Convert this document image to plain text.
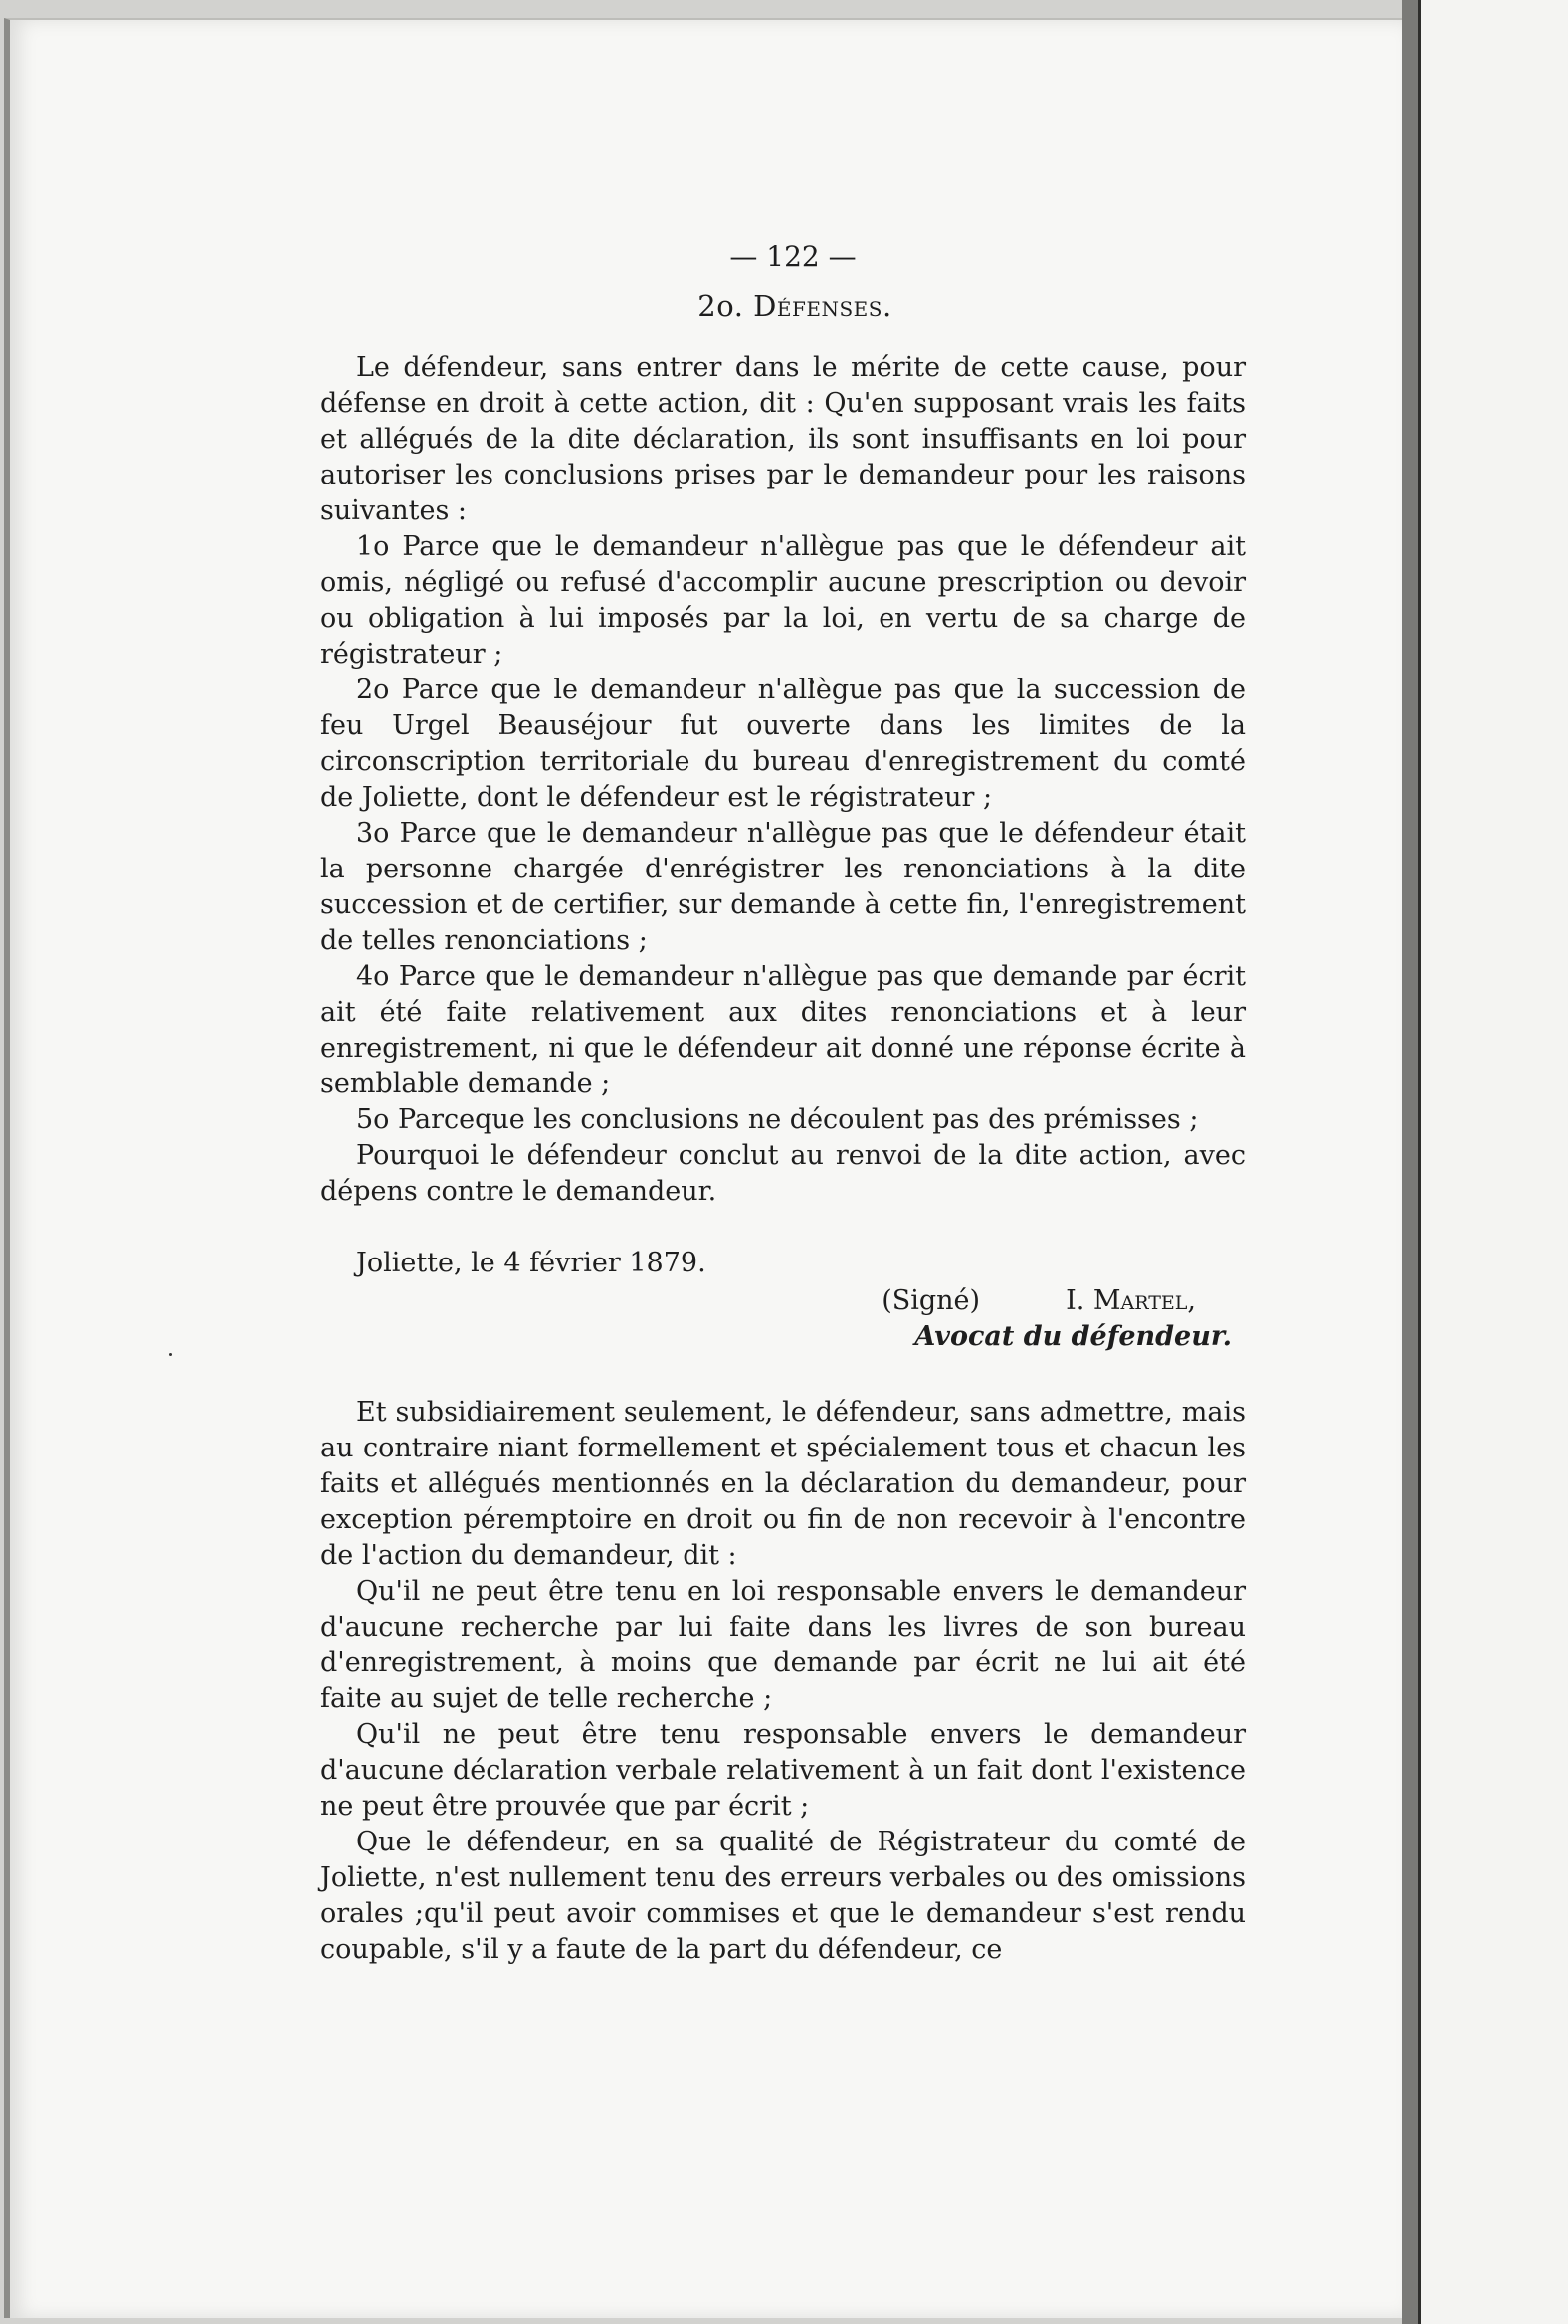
— 122 —
2o. Défenses.

Le défendeur, sans entrer dans le mérite de cette cause, pour défense en droit à cette action, dit : Qu'en supposant vrais les faits et allégués de la dite déclaration, ils sont insuffisants en loi pour autoriser les conclusions prises par le demandeur pour les raisons suivantes :

1o Parce que le demandeur n'allègue pas que le défendeur ait omis, négligé ou refusé d'accomplir aucune prescription ou devoir ou obligation à lui imposés par la loi, en vertu de sa charge de régistrateur ;

2o Parce que le demandeur n'allègue pas que la succession de feu Urgel Beauséjour fut ouverte dans les limites de la circonscription territoriale du bureau d'enregistrement du comté de Joliette, dont le défendeur est le régistrateur ;

3o Parce que le demandeur n'allègue pas que le défendeur était la personne chargée d'enrégistrer les renonciations à la dite succession et de certifier, sur demande à cette fin, l'enregistrement de telles renonciations ;

4o Parce que le demandeur n'allègue pas que demande par écrit ait été faite relativement aux dites renonciations et à leur enregistrement, ni que le défendeur ait donné une réponse écrite à semblable demande ;

5o Parceque les conclusions ne découlent pas des prémisses ;

Pourquoi le défendeur conclut au renvoi de la dite action, avec dépens contre le demandeur.

Joliette, le 4 février 1879.
(Signé)	I. Martel,
Avocat du défendeur.

Et subsidiairement seulement, le défendeur, sans admettre, mais au contraire niant formellement et spécialement tous et chacun les faits et allégués mentionnés en la déclaration du demandeur, pour exception péremptoire en droit ou fin de non recevoir à l'encontre de l'action du demandeur, dit :

Qu'il ne peut être tenu en loi responsable envers le demandeur d'aucune recherche par lui faite dans les livres de son bureau d'enregistrement, à moins que demande par écrit ne lui ait été faite au sujet de telle recherche ;

Qu'il ne peut être tenu responsable envers le demandeur d'aucune déclaration verbale relativement à un fait dont l'existence ne peut être prouvée que par écrit ;

Que le défendeur, en sa qualité de Régistrateur du comté de Joliette, n'est nullement tenu des erreurs verbales ou des omissions orales ;qu'il peut avoir commises et que le demandeur s'est rendu coupable, s'il y a faute de la part du défendeur, ce
